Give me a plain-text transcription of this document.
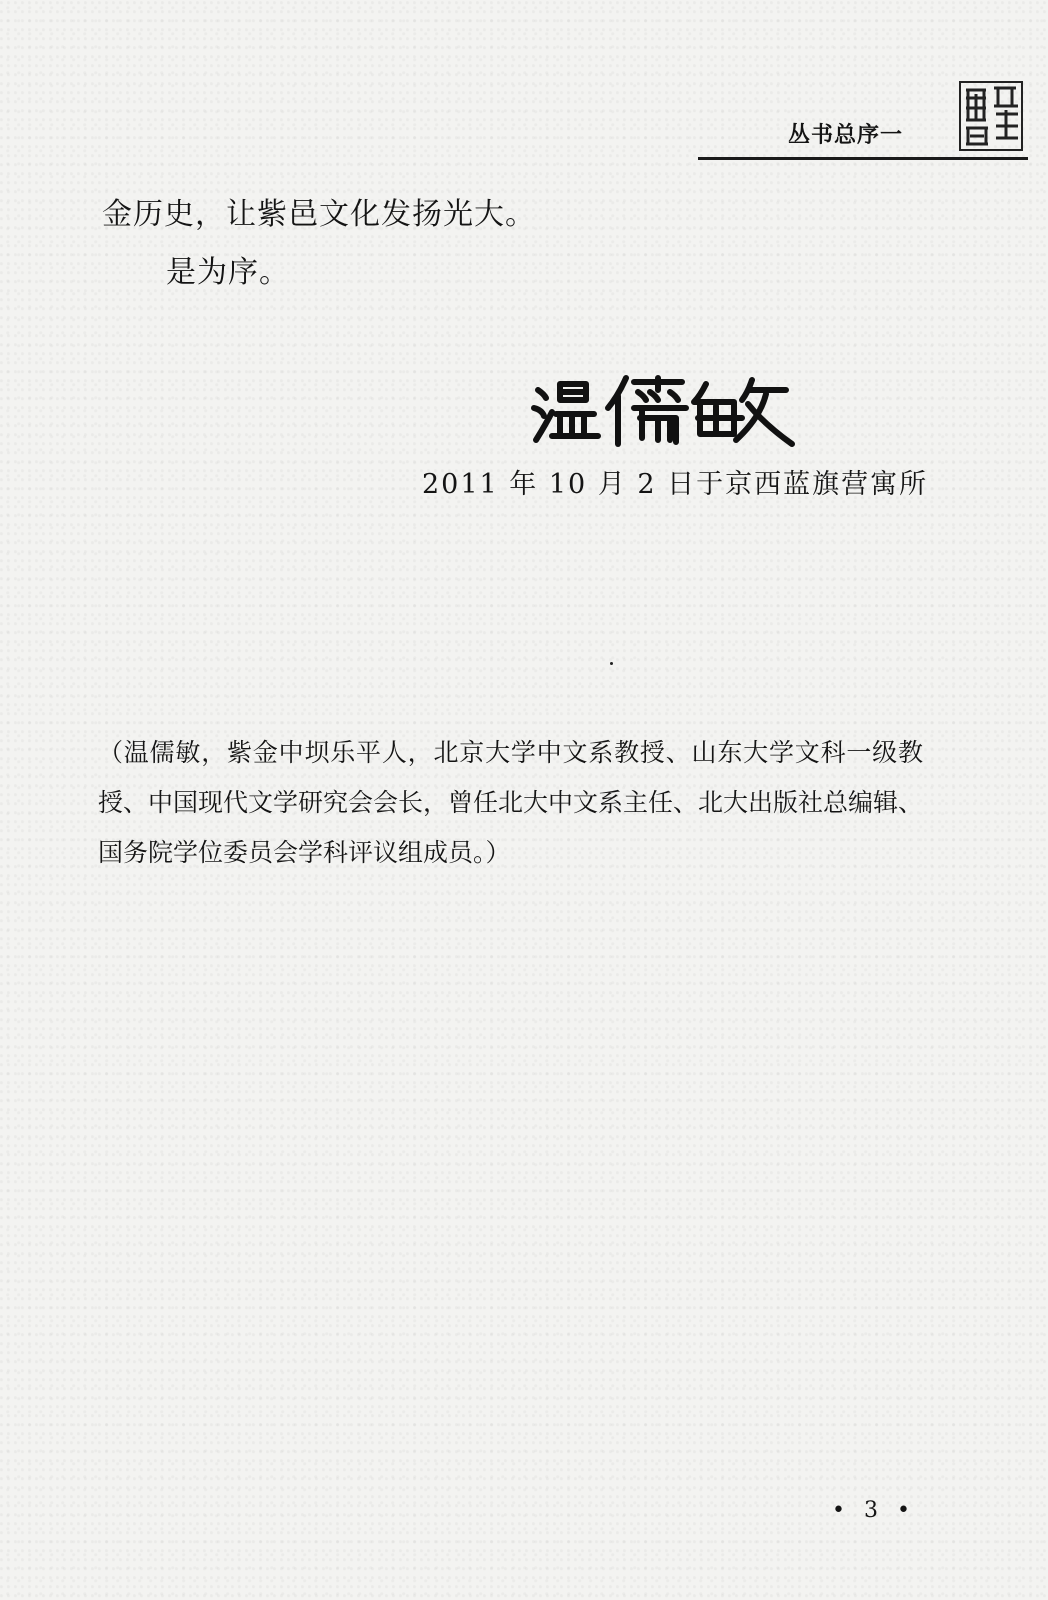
丛书总序一
金历史，让紫邑文化发扬光大。
是为序。
2011 年 10 月 2 日于京西蓝旗营寓所

（温儒敏，紫金中坝乐平人，北京大学中文系教授、山东大学文科一级教授、中国现代文学研究会会长，曾任北大中文系主任、北大出版社总编辑、国务院学位委员会学科评议组成员。）

• 3 •
